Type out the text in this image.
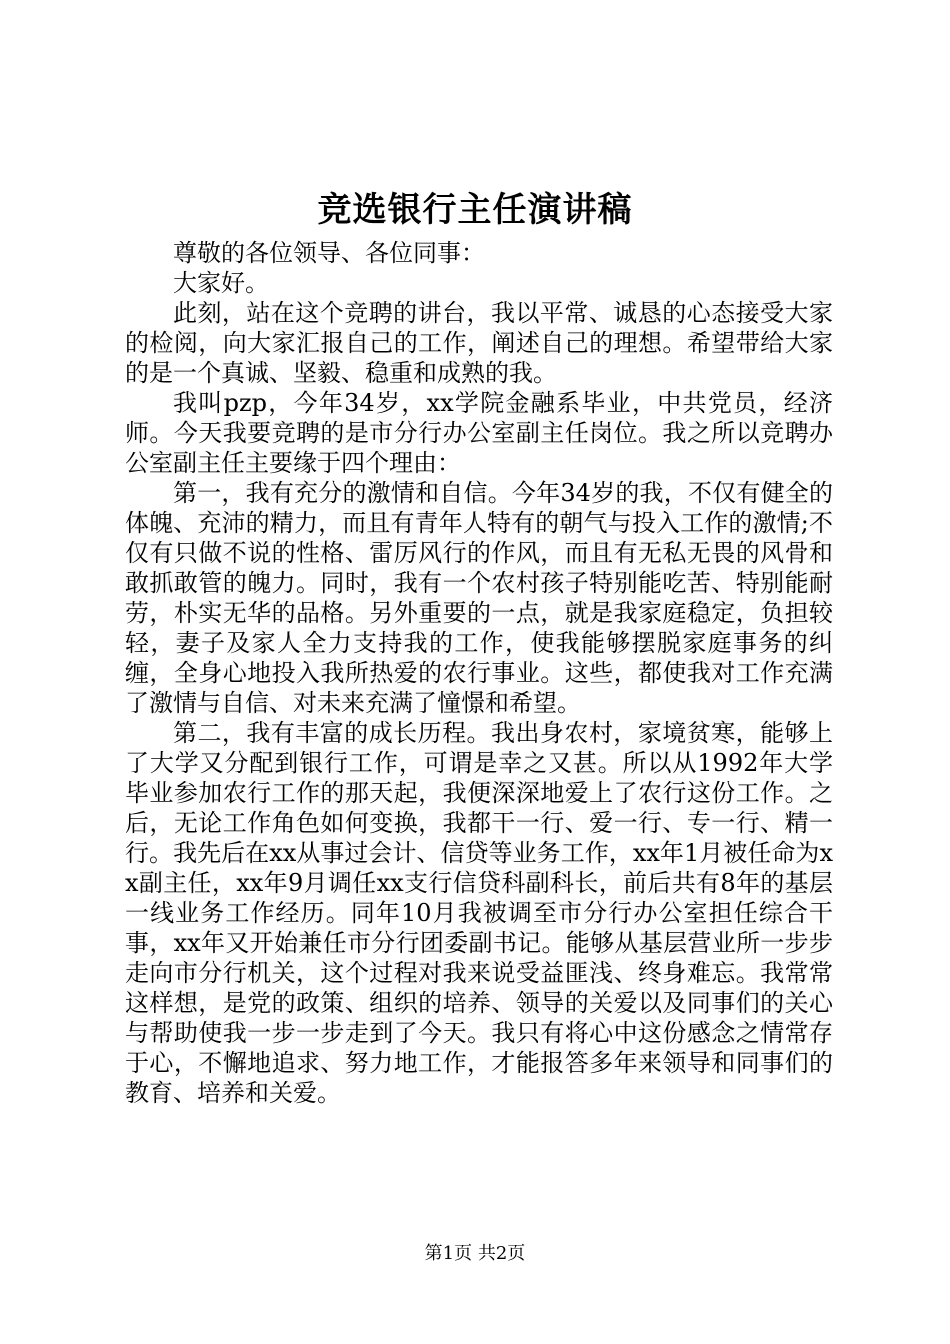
竞选银行主任演讲稿

尊敬的各位领导、各位同事：

大家好。

此刻，站在这个竞聘的讲台，我以平常、诚恳的心态接受大家的检阅，向大家汇报自己的工作，阐述自己的理想。希望带给大家的是一个真诚、坚毅、稳重和成熟的我。

我叫pzp，今年34岁，xx学院金融系毕业，中共党员，经济师。今天我要竞聘的是市分行办公室副主任岗位。我之所以竞聘办公室副主任主要缘于四个理由：

第一，我有充分的激情和自信。今年34岁的我，不仅有健全的体魄、充沛的精力，而且有青年人特有的朝气与投入工作的激情;不仅有只做不说的性格、雷厉风行的作风，而且有无私无畏的风骨和敢抓敢管的魄力。同时，我有一个农村孩子特别能吃苦、特别能耐劳，朴实无华的品格。另外重要的一点，就是我家庭稳定，负担较轻，妻子及家人全力支持我的工作，使我能够摆脱家庭事务的纠缠，全身心地投入我所热爱的农行事业。这些，都使我对工作充满了激情与自信、对未来充满了憧憬和希望。

第二，我有丰富的成长历程。我出身农村，家境贫寒，能够上了大学又分配到银行工作，可谓是幸之又甚。所以从1992年大学毕业参加农行工作的那天起，我便深深地爱上了农行这份工作。之后，无论工作角色如何变换，我都干一行、爱一行、专一行、精一行。我先后在xx从事过会计、信贷等业务工作，xx年1月被任命为xx副主任，xx年9月调任xx支行信贷科副科长，前后共有8年的基层一线业务工作经历。同年10月我被调至市分行办公室担任综合干事，xx年又开始兼任市分行团委副书记。能够从基层营业所一步步走向市分行机关，这个过程对我来说受益匪浅、终身难忘。我常常这样想，是党的政策、组织的培养、领导的关爱以及同事们的关心与帮助使我一步一步走到了今天。我只有将心中这份感念之情常存于心，不懈地追求、努力地工作，才能报答多年来领导和同事们的教育、培养和关爱。

第1页 共2页
